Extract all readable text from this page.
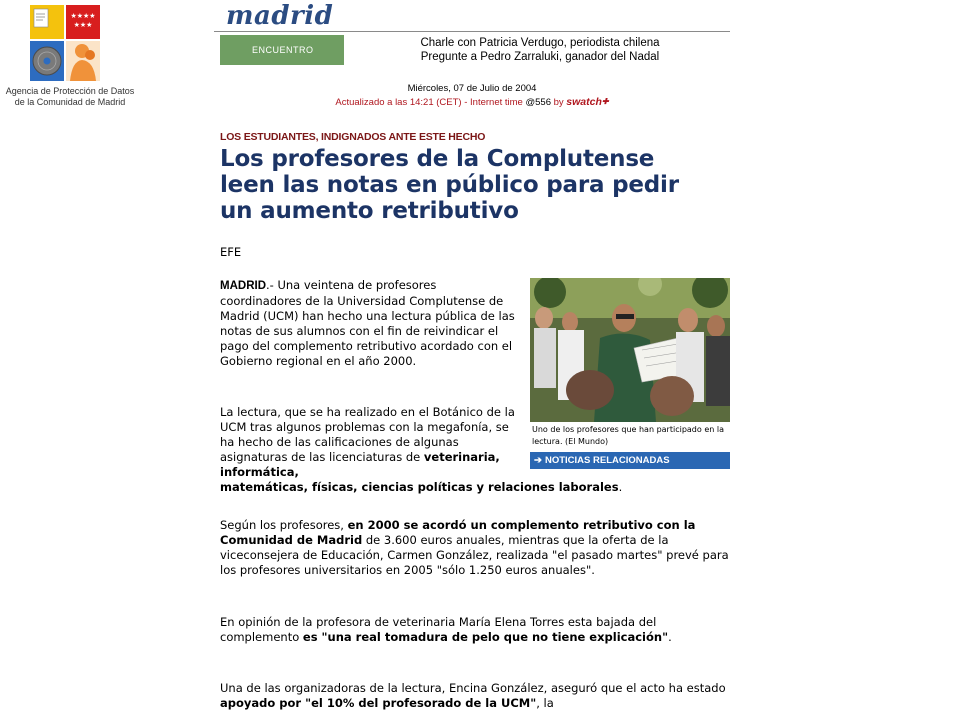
★★★★
★★★
Agencia de Protección de Datos
de la Comunidad de Madrid
madrid
ENCUENTRO
Charle con Patricia Verdugo, periodista chilena
Pregunte a Pedro Zarraluki, ganador del Nadal
Miércoles, 07 de Julio de 2004
Actualizado a las 14:21 (CET) - Internet time @556 by swatch✚
LOS ESTUDIANTES, INDIGNADOS ANTE ESTE HECHO
Los profesores de la Complutense
leen las notas en público para pedir
un aumento retributivo
EFE

MADRID.- Una veintena de profesores coordinadores de la Universidad Complutense de Madrid (UCM) han hecho una lectura pública de las notas de sus alumnos con el fin de reivindicar el pago del complemento retributivo acordado con el Gobierno regional en el año 2000.

Uno de los profesores que han participado en la lectura. (El Mundo)
➔ NOTICIAS RELACIONADAS

La lectura, que se ha realizado en el Botánico de la UCM tras algunos problemas con la megafonía, se ha hecho de las calificaciones de algunas asignaturas de las licenciaturas de veterinaria, informática,
matemáticas, físicas, ciencias políticas y relaciones laborales.

Según los profesores, en 2000 se acordó un complemento retributivo con la Comunidad de Madrid de 3.600 euros anuales, mientras que la oferta de la viceconsejera de Educación, Carmen González, realizada "el pasado martes" prevé para los profesores universitarios en 2005 "sólo 1.250 euros anuales".

En opinión de la profesora de veterinaria María Elena Torres esta bajada del complemento es "una real tomadura de pelo que no tiene explicación".

Una de las organizadoras de la lectura, Encina González, aseguró que el acto ha estado apoyado por "el 10% del profesorado de la UCM", la
